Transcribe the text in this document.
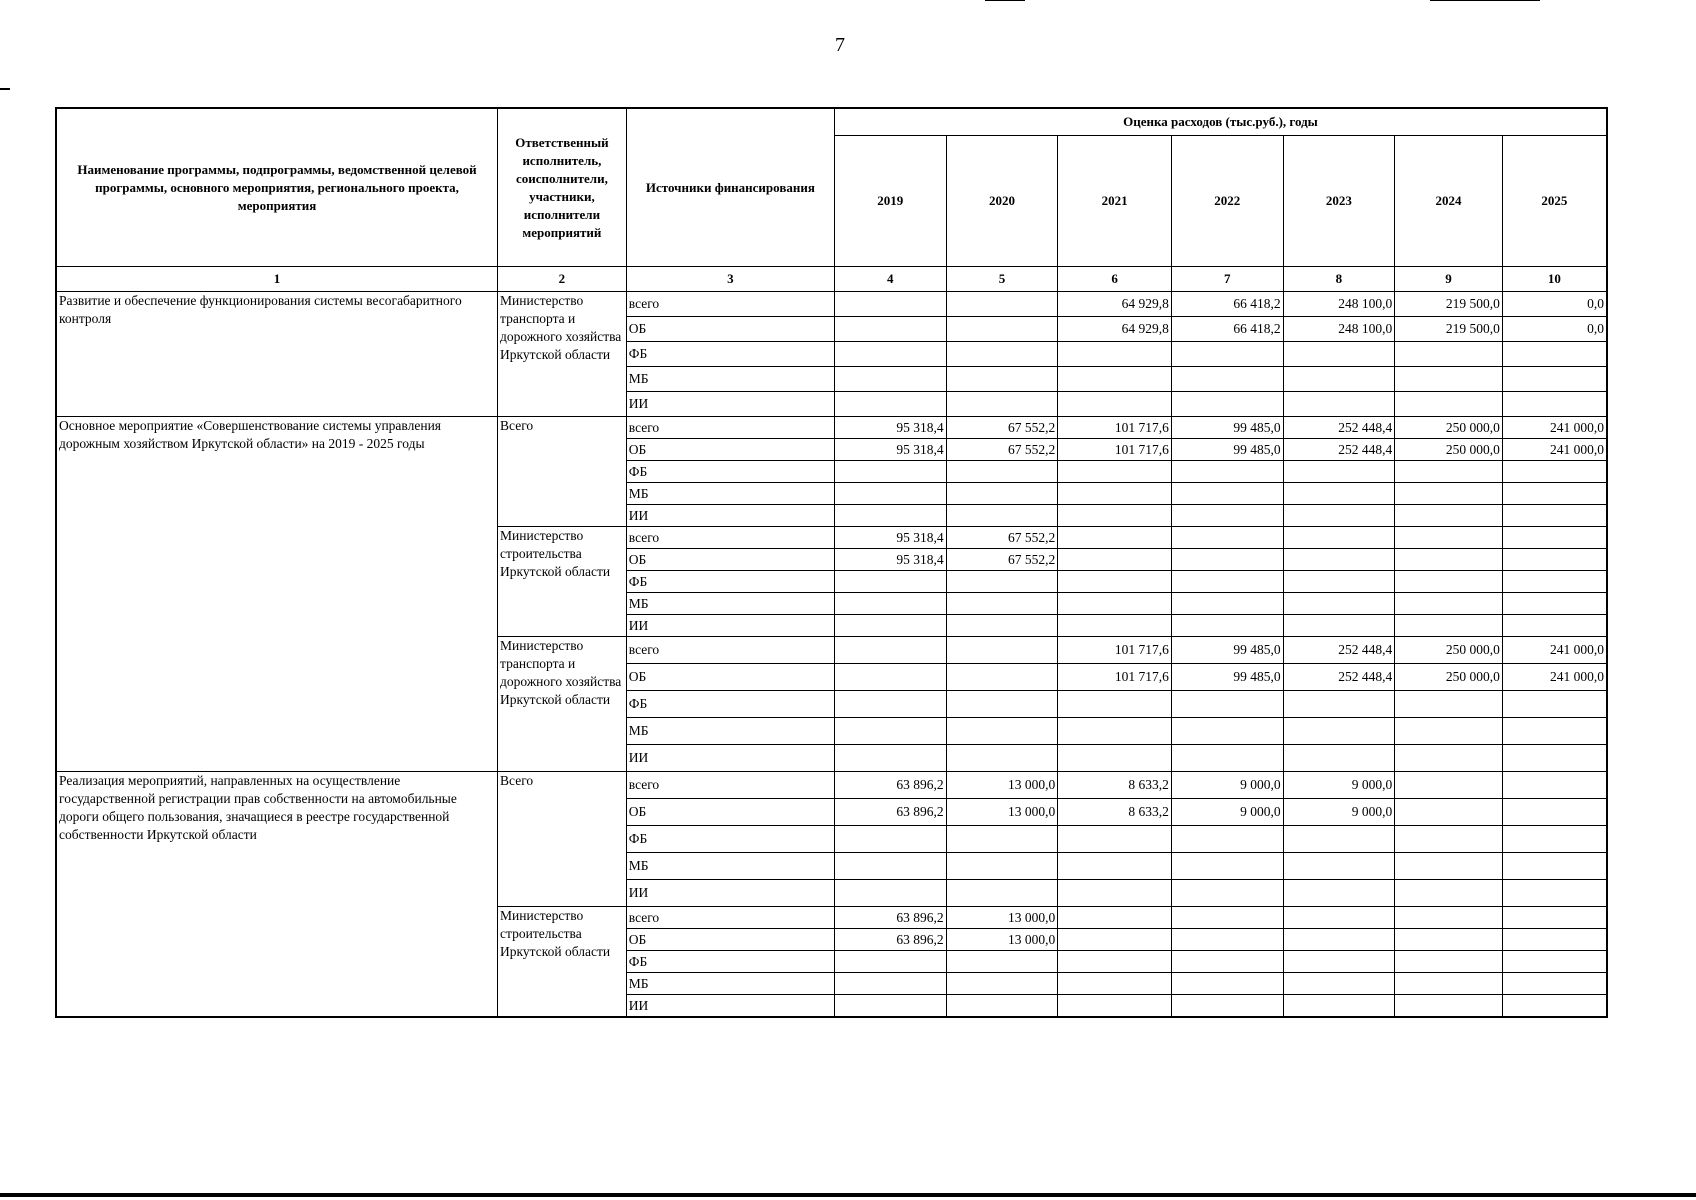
7
Наименование программы, подпрограммы, ведомственной целевой программы, основного мероприятия, регионального проекта, мероприятия	Ответственный исполнитель, соисполнители, участники, исполнители мероприятий	Источники финансирования	Оценка расходов (тыс.руб.), годы						
			2019	2020	2021	2022	2023	2024	2025
1	2	3	4	5	6	7	8	9	10
Развитие и обеспечение функционирования системы весогабаритного контроля	Министерство транспорта и дорожного хозяйства Иркутской области	всего			64 929,8	66 418,2	248 100,0	219 500,0	0,0
		ОБ			64 929,8	66 418,2	248 100,0	219 500,0	0,0
		ФБ							
		МБ							
		ИИ							
Основное мероприятие «Совершенствование системы управления дорожным хозяйством Иркутской области» на 2019 - 2025 годы	Всего	всего	95 318,4	67 552,2	101 717,6	99 485,0	252 448,4	250 000,0	241 000,0
		ОБ	95 318,4	67 552,2	101 717,6	99 485,0	252 448,4	250 000,0	241 000,0
		ФБ							
		МБ							
		ИИ							
	Министерство строительства Иркутской области	всего	95 318,4	67 552,2					
		ОБ	95 318,4	67 552,2					
		ФБ							
		МБ							
		ИИ							
	Министерство транспорта и дорожного хозяйства Иркутской области	всего			101 717,6	99 485,0	252 448,4	250 000,0	241 000,0
		ОБ			101 717,6	99 485,0	252 448,4	250 000,0	241 000,0
		ФБ							
		МБ							
		ИИ							
Реализация мероприятий, направленных на осуществление государственной регистрации прав собственности на автомобильные дороги общего пользования, значащиеся в реестре государственной собственности Иркутской области	Всего	всего	63 896,2	13 000,0	8 633,2	9 000,0	9 000,0		
		ОБ	63 896,2	13 000,0	8 633,2	9 000,0	9 000,0		
		ФБ							
		МБ							
		ИИ							
	Министерство строительства Иркутской области	всего	63 896,2	13 000,0					
		ОБ	63 896,2	13 000,0					
		ФБ							
		МБ							
		ИИ							
